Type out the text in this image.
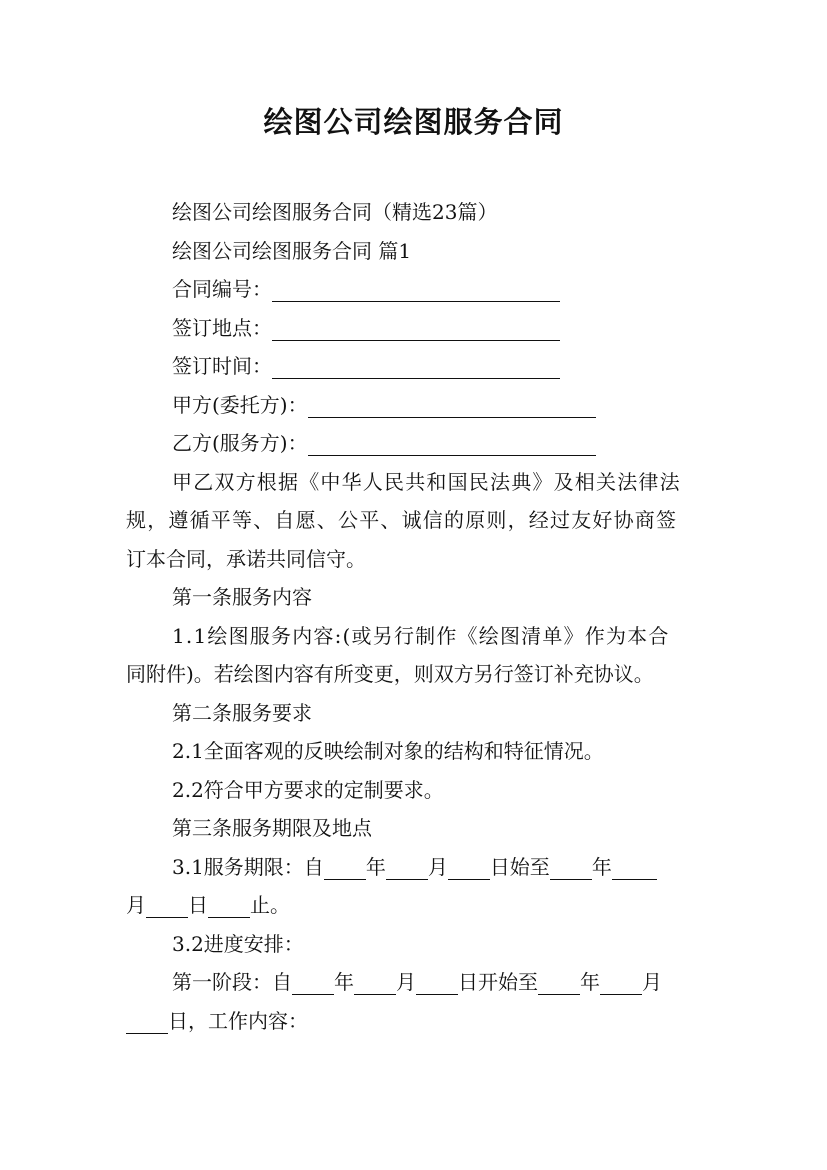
绘图公司绘图服务合同
绘图公司绘图服务合同（精选23篇）
绘图公司绘图服务合同 篇1
合同编号：
签订地点：
签订时间：
甲方(委托方)：
乙方(服务方)：
甲乙双方根据《中华人民共和国民法典》及相关法律法
规，遵循平等、自愿、公平、诚信的原则，经过友好协商签
订本合同，承诺共同信守。
第一条服务内容
1.1绘图服务内容:(或另行制作《绘图清单》作为本合
同附件)。若绘图内容有所变更，则双方另行签订补充协议。
第二条服务要求
2.1全面客观的反映绘制对象的结构和特征情况。
2.2符合甲方要求的定制要求。
第三条服务期限及地点
3.1服务期限：自 年 月 日始至 年
月 日 止。
3.2进度安排：
第一阶段：自 年 月 日开始至 年 月
日，工作内容：
